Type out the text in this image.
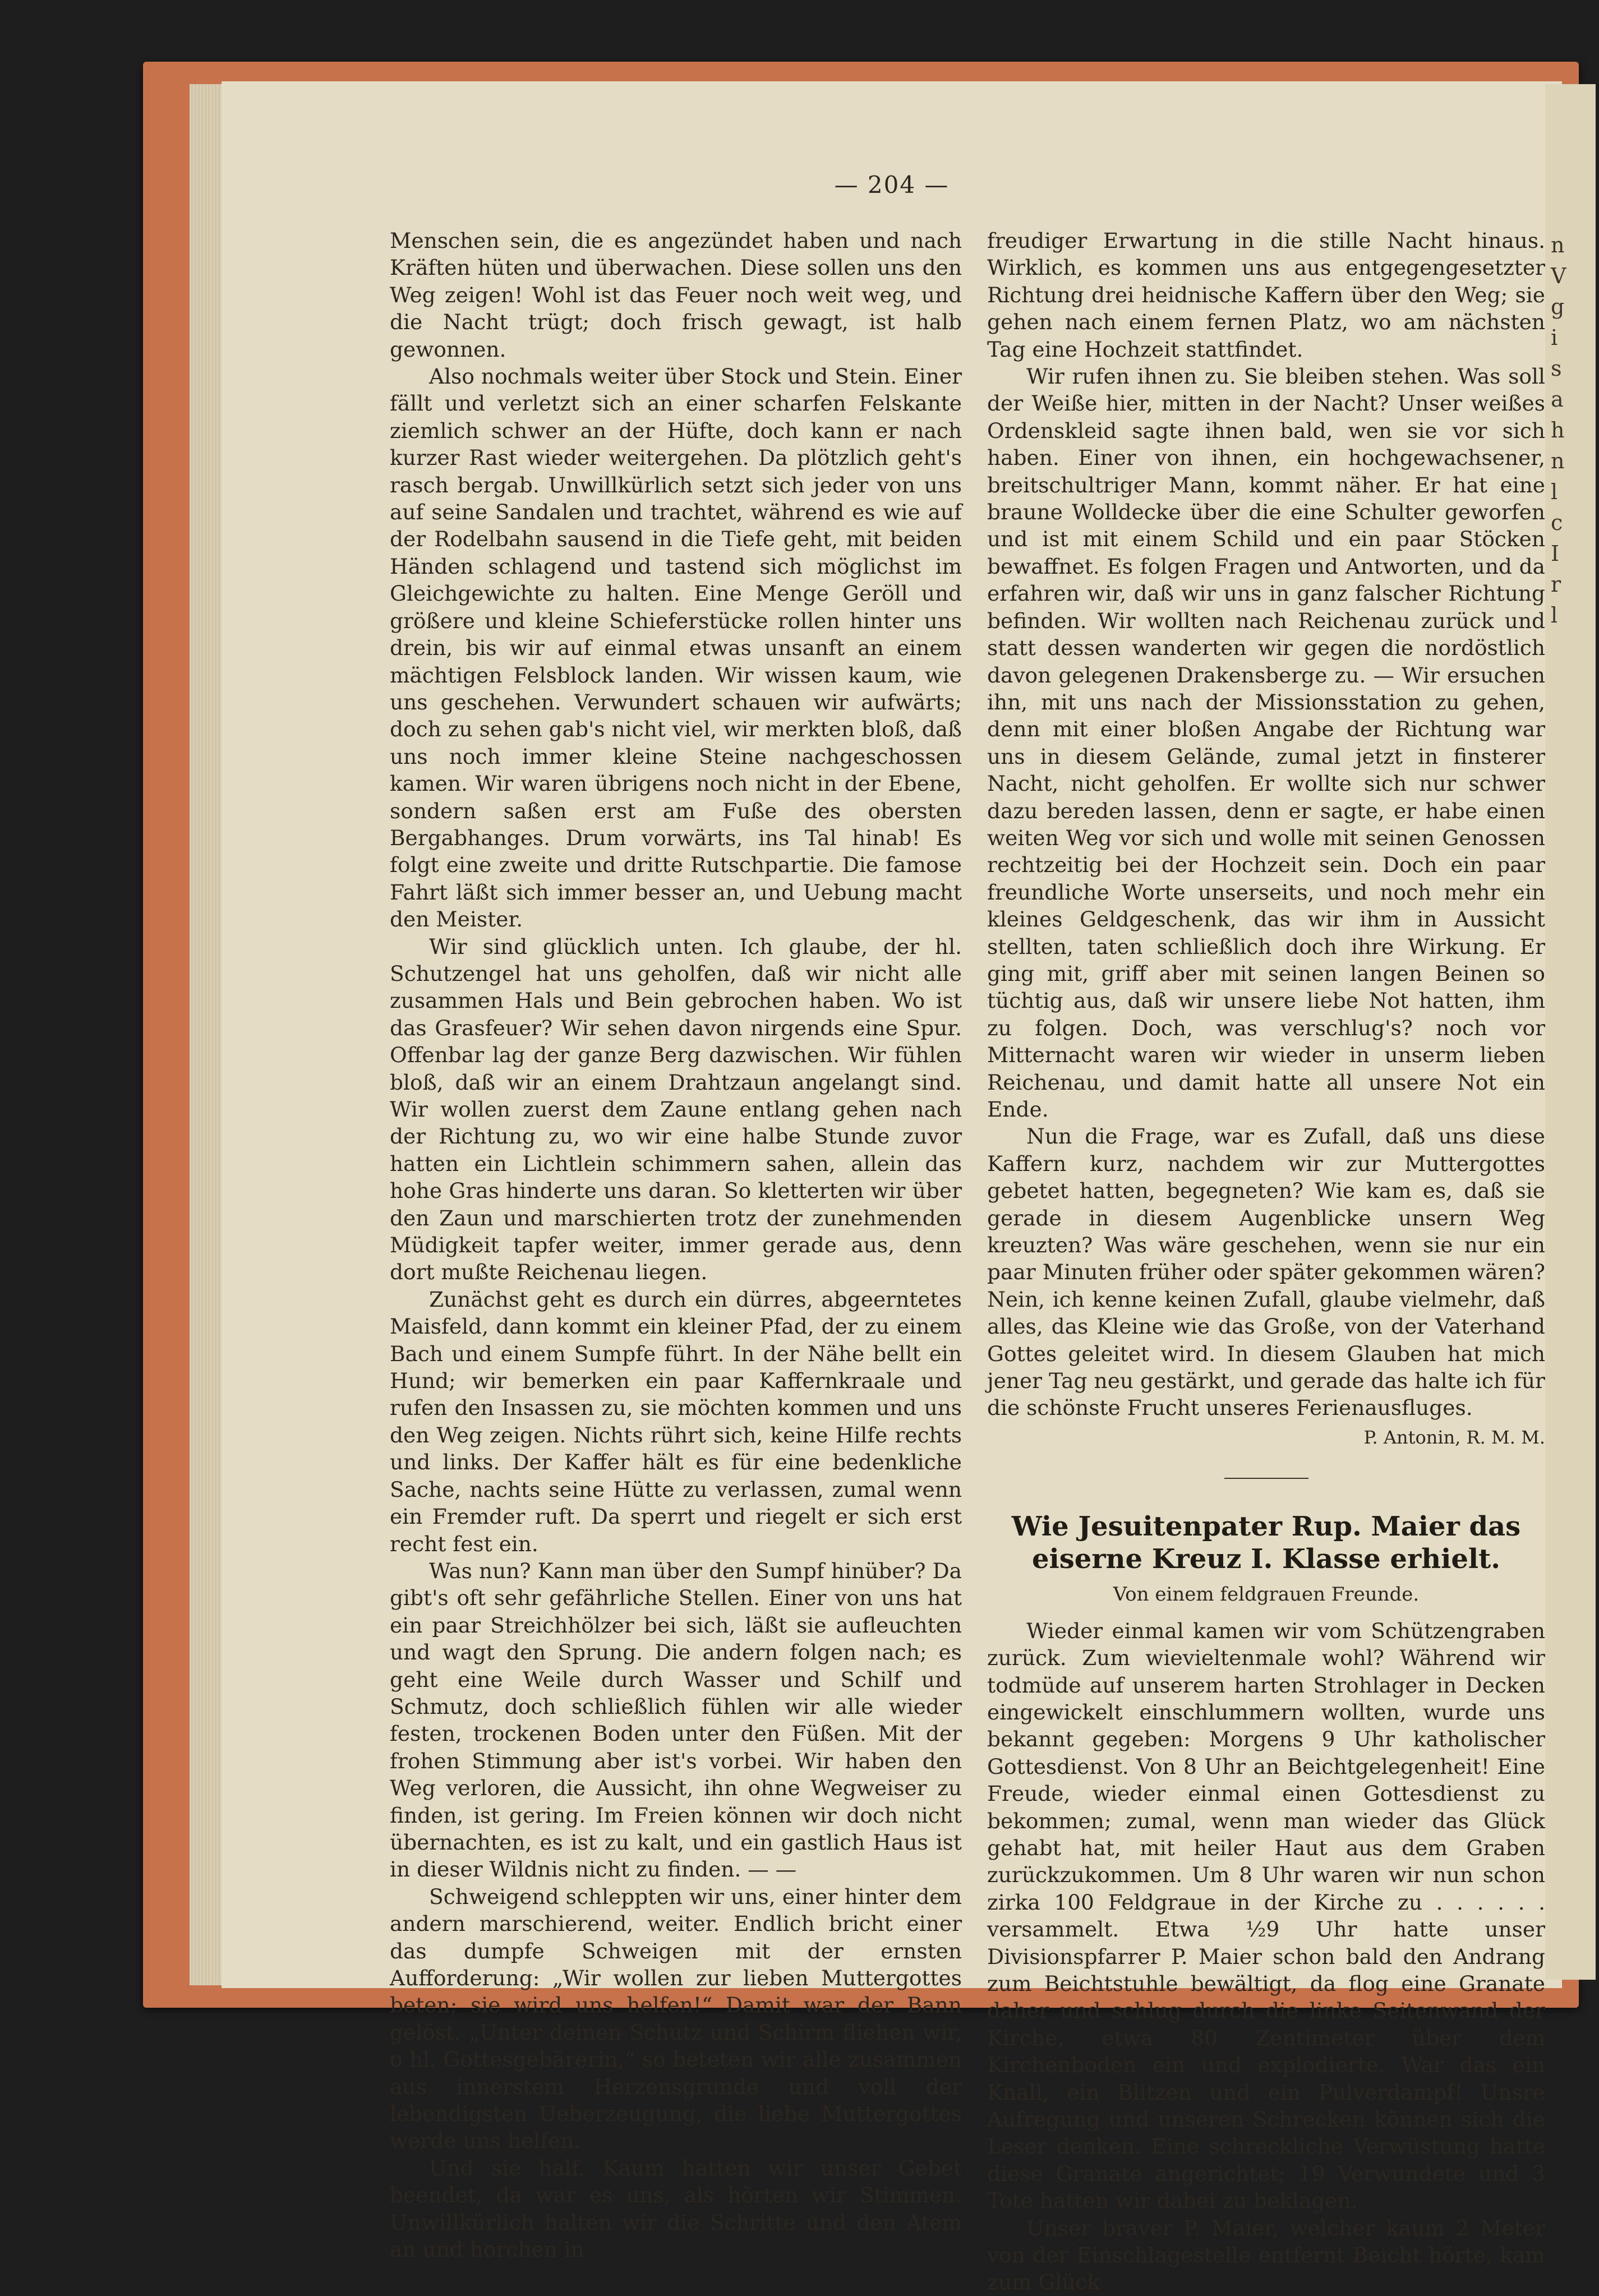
— 204 —

Menschen sein, die es angezündet haben und nach Kräften hüten und überwachen. Diese sollen uns den Weg zeigen! Wohl ist das Feuer noch weit weg, und die Nacht trügt; doch frisch gewagt, ist halb gewonnen.

Also nochmals weiter über Stock und Stein. Einer fällt und verletzt sich an einer scharfen Felskante ziemlich schwer an der Hüfte, doch kann er nach kurzer Rast wieder weitergehen. Da plötzlich geht's rasch bergab. Unwillkürlich setzt sich jeder von uns auf seine Sandalen und trachtet, während es wie auf der Rodelbahn sausend in die Tiefe geht, mit beiden Händen schlagend und tastend sich möglichst im Gleichgewichte zu halten. Eine Menge Geröll und größere und kleine Schieferstücke rollen hinter uns drein, bis wir auf einmal etwas unsanft an einem mächtigen Felsblock landen. Wir wissen kaum, wie uns geschehen. Verwundert schauen wir aufwärts; doch zu sehen gab's nicht viel, wir merkten bloß, daß uns noch immer kleine Steine nachgeschossen kamen. Wir waren übrigens noch nicht in der Ebene, sondern saßen erst am Fuße des obersten Bergabhanges. Drum vorwärts, ins Tal hinab! Es folgt eine zweite und dritte Rutschpartie. Die famose Fahrt läßt sich immer besser an, und Uebung macht den Meister.

Wir sind glücklich unten. Ich glaube, der hl. Schutzengel hat uns geholfen, daß wir nicht alle zusammen Hals und Bein gebrochen haben. Wo ist das Grasfeuer? Wir sehen davon nirgends eine Spur. Offenbar lag der ganze Berg dazwischen. Wir fühlen bloß, daß wir an einem Drahtzaun angelangt sind. Wir wollen zuerst dem Zaune entlang gehen nach der Richtung zu, wo wir eine halbe Stunde zuvor hatten ein Lichtlein schimmern sahen, allein das hohe Gras hinderte uns daran. So kletterten wir über den Zaun und marschierten trotz der zunehmenden Müdigkeit tapfer weiter, immer gerade aus, denn dort mußte Reichenau liegen.

Zunächst geht es durch ein dürres, abgeerntetes Maisfeld, dann kommt ein kleiner Pfad, der zu einem Bach und einem Sumpfe führt. In der Nähe bellt ein Hund; wir bemerken ein paar Kaffernkraale und rufen den Insassen zu, sie möchten kommen und uns den Weg zeigen. Nichts rührt sich, keine Hilfe rechts und links. Der Kaffer hält es für eine bedenkliche Sache, nachts seine Hütte zu verlassen, zumal wenn ein Fremder ruft. Da sperrt und riegelt er sich erst recht fest ein.

Was nun? Kann man über den Sumpf hinüber? Da gibt's oft sehr gefährliche Stellen. Einer von uns hat ein paar Streichhölzer bei sich, läßt sie aufleuchten und wagt den Sprung. Die andern folgen nach; es geht eine Weile durch Wasser und Schilf und Schmutz, doch schließlich fühlen wir alle wieder festen, trockenen Boden unter den Füßen. Mit der frohen Stimmung aber ist's vorbei. Wir haben den Weg verloren, die Aussicht, ihn ohne Wegweiser zu finden, ist gering. Im Freien können wir doch nicht übernachten, es ist zu kalt, und ein gastlich Haus ist in dieser Wildnis nicht zu finden. — —

Schweigend schleppten wir uns, einer hinter dem andern marschierend, weiter. Endlich bricht einer das dumpfe Schweigen mit der ernsten Aufforderung: „Wir wollen zur lieben Muttergottes beten; sie wird uns helfen!“ Damit war der Bann gelöst. „Unter deinen Schutz und Schirm fliehen wir, o hl. Gottesgebärerin,“ so beteten wir alle zusammen aus innerstem Herzensgrunde und voll der lebendigsten Ueberzeugung, die liebe Muttergottes werde uns helfen.

Und sie half. Kaum hatten wir unser Gebet beendet, da war es uns, als hörten wir Stimmen. Unwillkürlich halten wir die Schritte und den Atem an und horchen in

freudiger Erwartung in die stille Nacht hinaus. Wirklich, es kommen uns aus entgegengesetzter Richtung drei heidnische Kaffern über den Weg; sie gehen nach einem fernen Platz, wo am nächsten Tag eine Hochzeit stattfindet.

Wir rufen ihnen zu. Sie bleiben stehen. Was soll der Weiße hier, mitten in der Nacht? Unser weißes Ordenskleid sagte ihnen bald, wen sie vor sich haben. Einer von ihnen, ein hochgewachsener, breitschultriger Mann, kommt näher. Er hat eine braune Wolldecke über die eine Schulter geworfen und ist mit einem Schild und ein paar Stöcken bewaffnet. Es folgen Fragen und Antworten, und da erfahren wir, daß wir uns in ganz falscher Richtung befinden. Wir wollten nach Reichenau zurück und statt dessen wanderten wir gegen die nordöstlich davon gelegenen Drakensberge zu. — Wir ersuchen ihn, mit uns nach der Missionsstation zu gehen, denn mit einer bloßen Angabe der Richtung war uns in diesem Gelände, zumal jetzt in finsterer Nacht, nicht geholfen. Er wollte sich nur schwer dazu bereden lassen, denn er sagte, er habe einen weiten Weg vor sich und wolle mit seinen Genossen rechtzeitig bei der Hochzeit sein. Doch ein paar freundliche Worte unserseits, und noch mehr ein kleines Geldgeschenk, das wir ihm in Aussicht stellten, taten schließlich doch ihre Wirkung. Er ging mit, griff aber mit seinen langen Beinen so tüchtig aus, daß wir unsere liebe Not hatten, ihm zu folgen. Doch, was verschlug's? noch vor Mitternacht waren wir wieder in unserm lieben Reichenau, und damit hatte all unsere Not ein Ende.

Nun die Frage, war es Zufall, daß uns diese Kaffern kurz, nachdem wir zur Muttergottes gebetet hatten, begegneten? Wie kam es, daß sie gerade in diesem Augenblicke unsern Weg kreuzten? Was wäre geschehen, wenn sie nur ein paar Minuten früher oder später gekommen wären? Nein, ich kenne keinen Zufall, glaube vielmehr, daß alles, das Kleine wie das Große, von der Vaterhand Gottes geleitet wird. In diesem Glauben hat mich jener Tag neu gestärkt, und gerade das halte ich für die schönste Frucht unseres Ferienausfluges.

P. Antonin, R. M. M.

Wie Jesuitenpater Rup. Maier das eiserne Kreuz I. Klasse erhielt.
Von einem feldgrauen Freunde.

Wieder einmal kamen wir vom Schützengraben zurück. Zum wievieltenmale wohl? Während wir todmüde auf unserem harten Strohlager in Decken eingewickelt einschlummern wollten, wurde uns bekannt gegeben: Morgens 9 Uhr katholischer Gottesdienst. Von 8 Uhr an Beichtgelegenheit! Eine Freude, wieder einmal einen Gottesdienst zu bekommen; zumal, wenn man wieder das Glück gehabt hat, mit heiler Haut aus dem Graben zurückzukommen. Um 8 Uhr waren wir nun schon zirka 100 Feldgraue in der Kirche zu . . . . . . versammelt. Etwa ½9 Uhr hatte unser Divisionspfarrer P. Maier schon bald den Andrang zum Beichtstuhle bewältigt, da flog eine Granate daher und schlug durch die linke Seitenwand der Kirche, etwa 80 Zentimeter über dem Kirchenboden ein und explodierte. War das ein Knall, ein Blitzen und ein Pulverdampf! Unsre Aufregung und unseren Schrecken können sich die Leser denken. Eine schreckliche Verwüstung hatte diese Granate angerichtet; 19 Verwundete und 3 Tote hatten wir dabei zu beklagen.

Unser braver P. Maier, welcher kaum 2 Meter von der Einschlagestelle entfernt Beicht hörte, kam zum Glück

n
V
g
i
s
a
h
n
l
c
I
r
l
